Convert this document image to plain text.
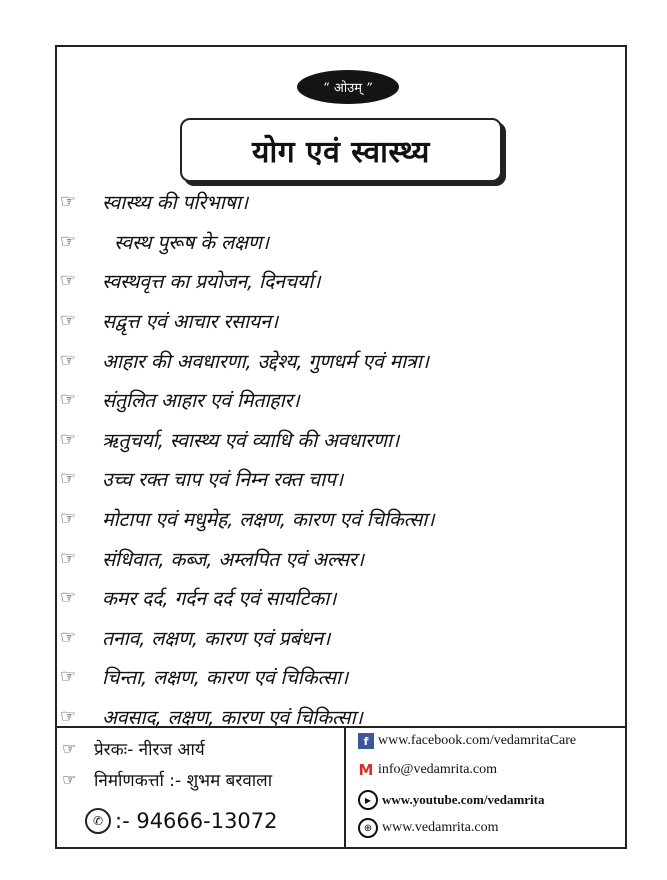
“ ओउम् ”
योग एवं स्वास्थ्य
☞	स्वास्थ्य की परिभाषा।
☞	स्वस्थ पुरूष के लक्षण।
☞	स्वस्थवृत्त का प्रयोजन, दिनचर्या।
☞	सद्वृत्त एवं आचार रसायन।
☞	आहार की अवधारणा, उद्देश्य, गुणधर्म एवं मात्रा।
☞	संतुलित आहार एवं मिताहार।
☞	ऋतुचर्या, स्वास्थ्य एवं व्याधि की अवधारणा।
☞	उच्च रक्त चाप एवं निम्न रक्त चाप।
☞	मोटापा एवं मधुमेह, लक्षण, कारण एवं चिकित्सा।
☞	संधिवात, कब्ज, अम्लपित एवं अल्सर।
☞	कमर दर्द, गर्दन दर्द एवं सायटिका।
☞	तनाव, लक्षण, कारण एवं प्रबंधन।
☞	चिन्ता, लक्षण, कारण एवं चिकित्सा।
☞	अवसाद, लक्षण, कारण एवं चिकित्सा।
☞	प्रेरकः- नीरज आर्य
☞	निर्माणकर्त्ता :- शुभम बरवाला
✆ :- 94666-13072
f www.facebook.com/vedamritaCare
M info@vedamrita.com
▶ www.youtube.com/vedamrita
⊕ www.vedamrita.com
